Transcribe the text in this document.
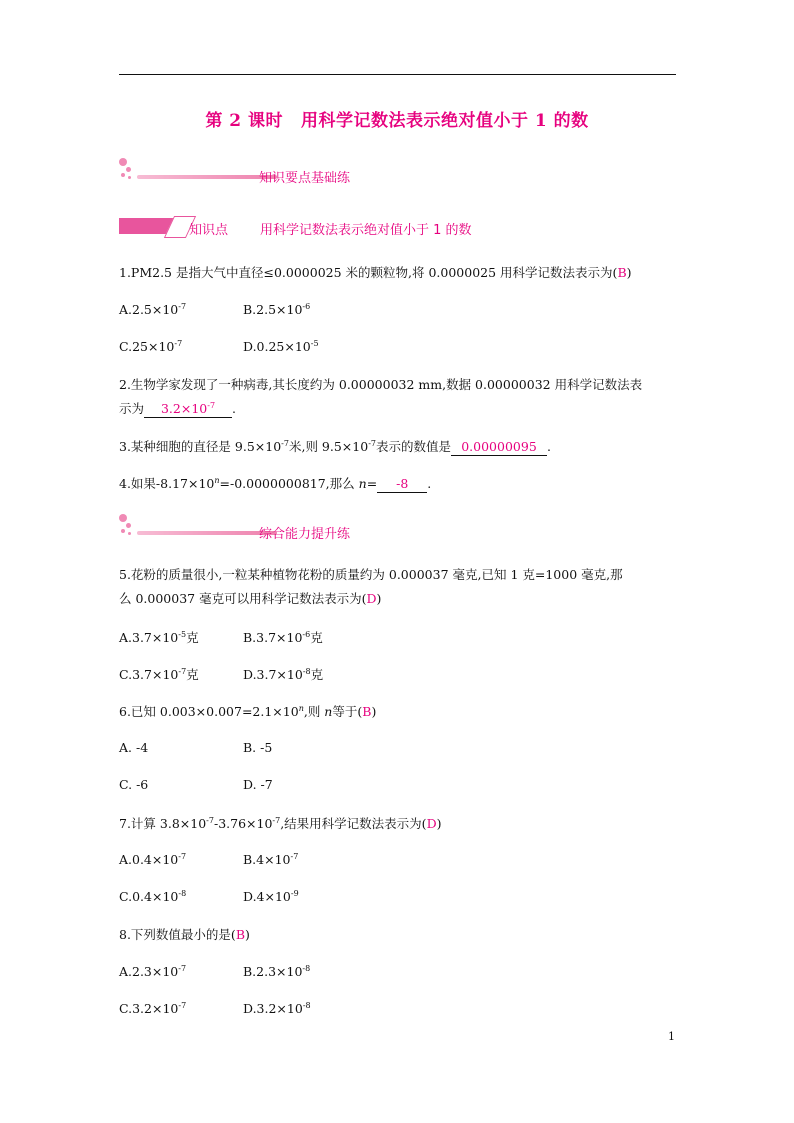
第 2 课时 用科学记数法表示绝对值小于 1 的数
知识要点基础练
知识点 用科学记数法表示绝对值小于 1 的数
1.PM2.5 是指大气中直径≤0.0000025 米的颗粒物,将 0.0000025 用科学记数法表示为(B)
$A.2.5\times 10^{-7}$	$B.2.5\times 10^{-6}$
$C.25\times 10^{-7}$	$D.0.25\times 10^{-5}$
2.生物学家发现了一种病毒,其长度约为 0.00000032 mm,数据 0.00000032 用科学记数法表
示为 $3.2\times 10^{-7}$ .
3.某种细胞的直径是 $9.5\times 10^{-7}$米,则 $9.5\times 10^{-7}$表示的数值是 0.00000095 .
4.如果$-8.17\times 10^n=-0.0000000817$,那么 n= -8 .
综合能力提升练
5.花粉的质量很小,一粒某种植物花粉的质量约为 0.000037 毫克,已知 1 克=1000 毫克,那
么 0.000037 毫克可以用科学记数法表示为(D)
$A.3.7\times 10^{-5}$克	$B.3.7\times 10^{-6}$克
$C.3.7\times 10^{-7}$克	$D.3.7\times 10^{-8}$克
6.已知 $0.003\times 0.007=2.1\times 10^n$,则 n等于(B)
A. -4	B. -5
C. -6	D. -7
7.计算 $3.8\times 10^{-7}-3.76\times 10^{-7}$,结果用科学记数法表示为(D)
$A.0.4\times 10^{-7}$	$B.4\times 10^{-7}$
$C.0.4\times 10^{-8}$	$D.4\times 10^{-9}$
8.下列数值最小的是(B)
$A.2.3\times 10^{-7}$	$B.2.3\times 10^{-8}$
$C.3.2\times 10^{-7}$	$D.3.2\times 10^{-8}$
1
